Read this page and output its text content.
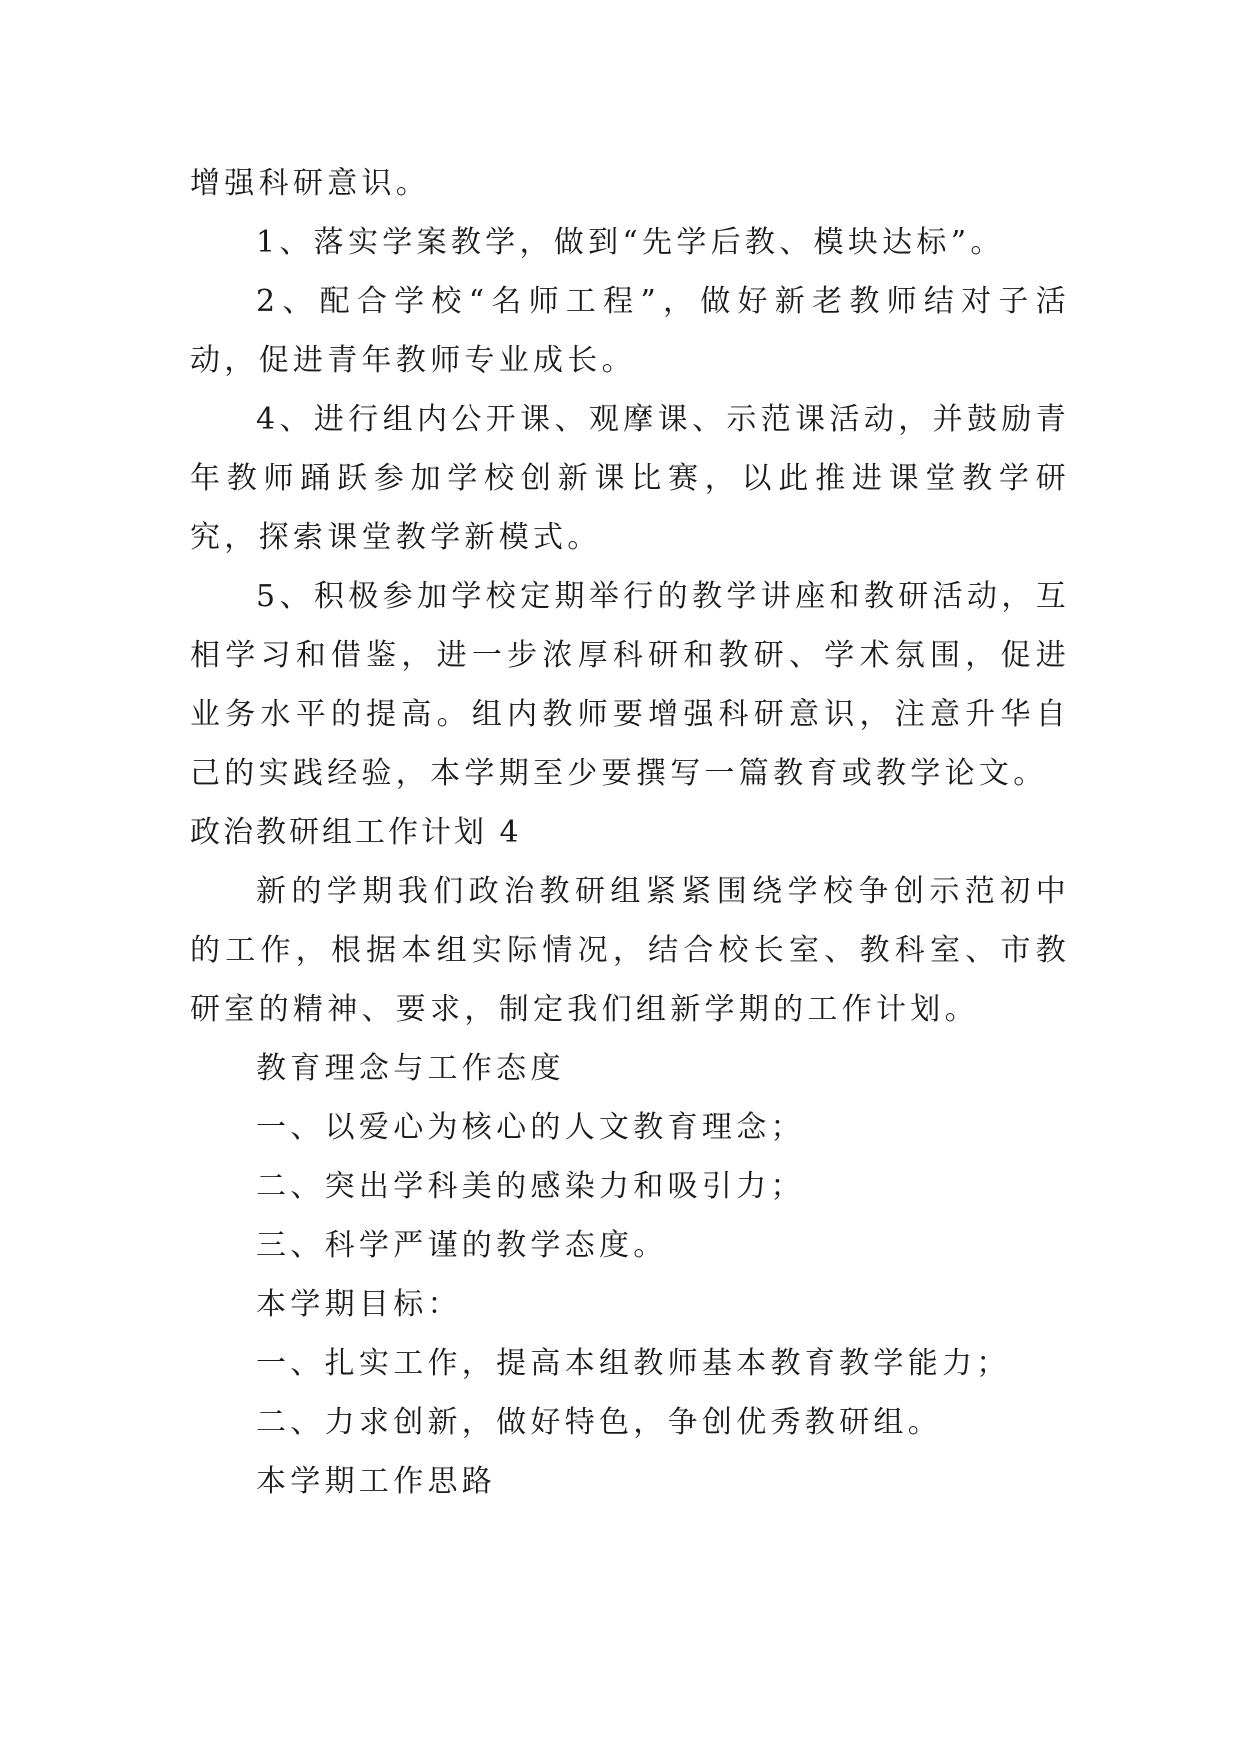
增强科研意识。

1、落实学案教学，做到“先学后教、模块达标”。

2、配合学校“名师工程”，做好新老教师结对子活动，促进青年教师专业成长。

4、进行组内公开课、观摩课、示范课活动，并鼓励青年教师踊跃参加学校创新课比赛，以此推进课堂教学研究，探索课堂教学新模式。

5、积极参加学校定期举行的教学讲座和教研活动，互相学习和借鉴，进一步浓厚科研和教研、学术氛围，促进业务水平的提高。组内教师要增强科研意识，注意升华自己的实践经验，本学期至少要撰写一篇教育或教学论文。

政治教研组工作计划 4

新的学期我们政治教研组紧紧围绕学校争创示范初中的工作，根据本组实际情况，结合校长室、教科室、市教研室的精神、要求，制定我们组新学期的工作计划。

教育理念与工作态度

一、以爱心为核心的人文教育理念；

二、突出学科美的感染力和吸引力；

三、科学严谨的教学态度。

本学期目标：

一、扎实工作，提高本组教师基本教育教学能力；

二、力求创新，做好特色，争创优秀教研组。

本学期工作思路
